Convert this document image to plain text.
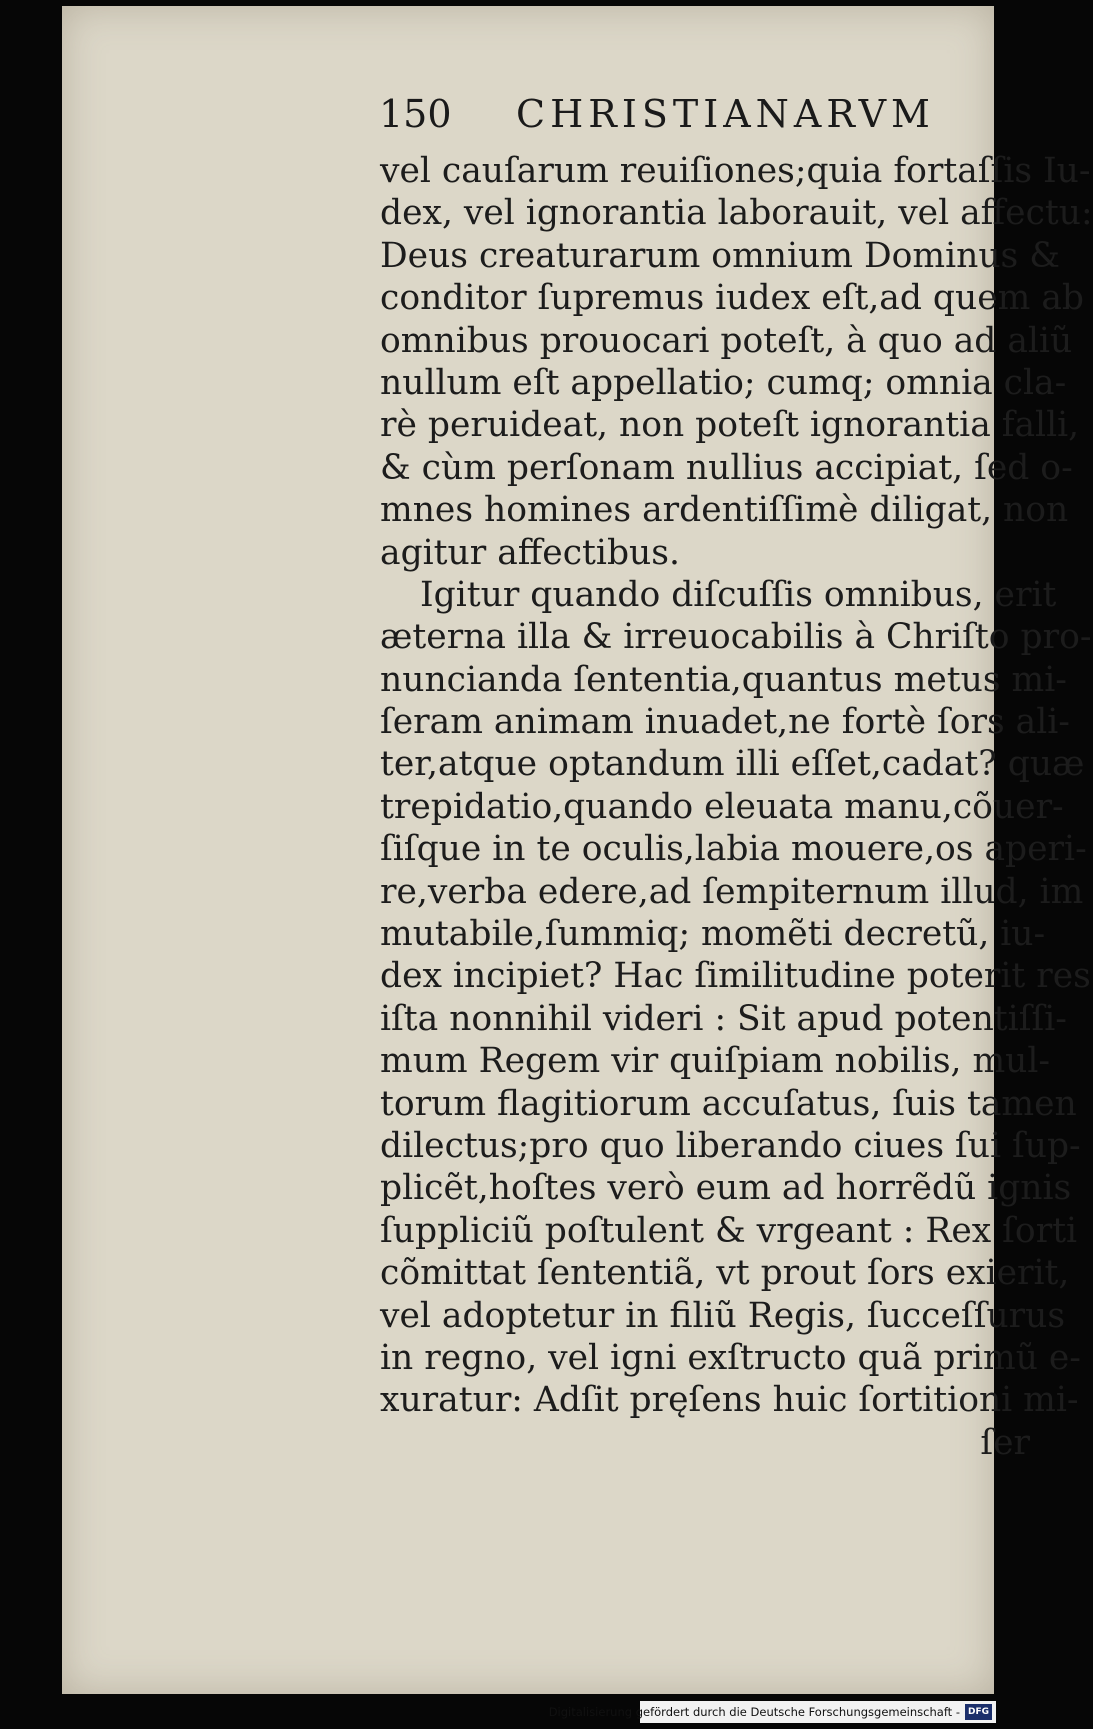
150 CHRISTIANARVM
vel cauſarum reuiſiones;quia fortaſſis Iu-
dex, vel ignorantia laborauit, vel affectu:
Deus creaturarum omnium Dominus &
conditor ſupremus iudex eſt,ad quem ab
omnibus prouocari poteſt, à quo ad aliũ
nullum eſt appellatio; cumq; omnia cla-
rè peruideat, non poteſt ignorantia falli,
& cùm perſonam nullius accipiat, ſed o-
mnes homines ardentiſſimè diligat, non
agitur affectibus.
Igitur quando diſcuſſis omnibus, erit
æterna illa & irreuocabilis à Chriſto pro-
nuncianda ſententia,quantus metus mi-
ſeram animam inuadet,ne fortè ſors ali-
ter,atque optandum illi eſſet,cadat? quæ
trepidatio,quando eleuata manu,cõuer-
ſiſque in te oculis,labia mouere,os aperi-
re,verba edere,ad ſempiternum illud, im
mutabile,ſummiq; momẽti decretũ, iu-
dex incipiet? Hac ſimilitudine poterit res
iſta nonnihil videri : Sit apud potentiſſi-
mum Regem vir quiſpiam nobilis, mul-
torum flagitiorum accuſatus, ſuis tamen
dilectus;pro quo liberando ciues ſui ſup-
plicẽt,hoſtes verò eum ad horrẽdũ ignis
ſuppliciũ poſtulent & vrgeant : Rex ſorti
cõmittat ſententiã, vt prout ſors exierit,
vel adoptetur in filiũ Regis, ſucceſſurus
in regno, vel igni exſtructo quã primũ e-
xuratur: Adſit pręſens huic ſortitioni mi-
ſer
Digitalisierung gefördert durch die Deutsche Forschungsgemeinschaft - DFG
